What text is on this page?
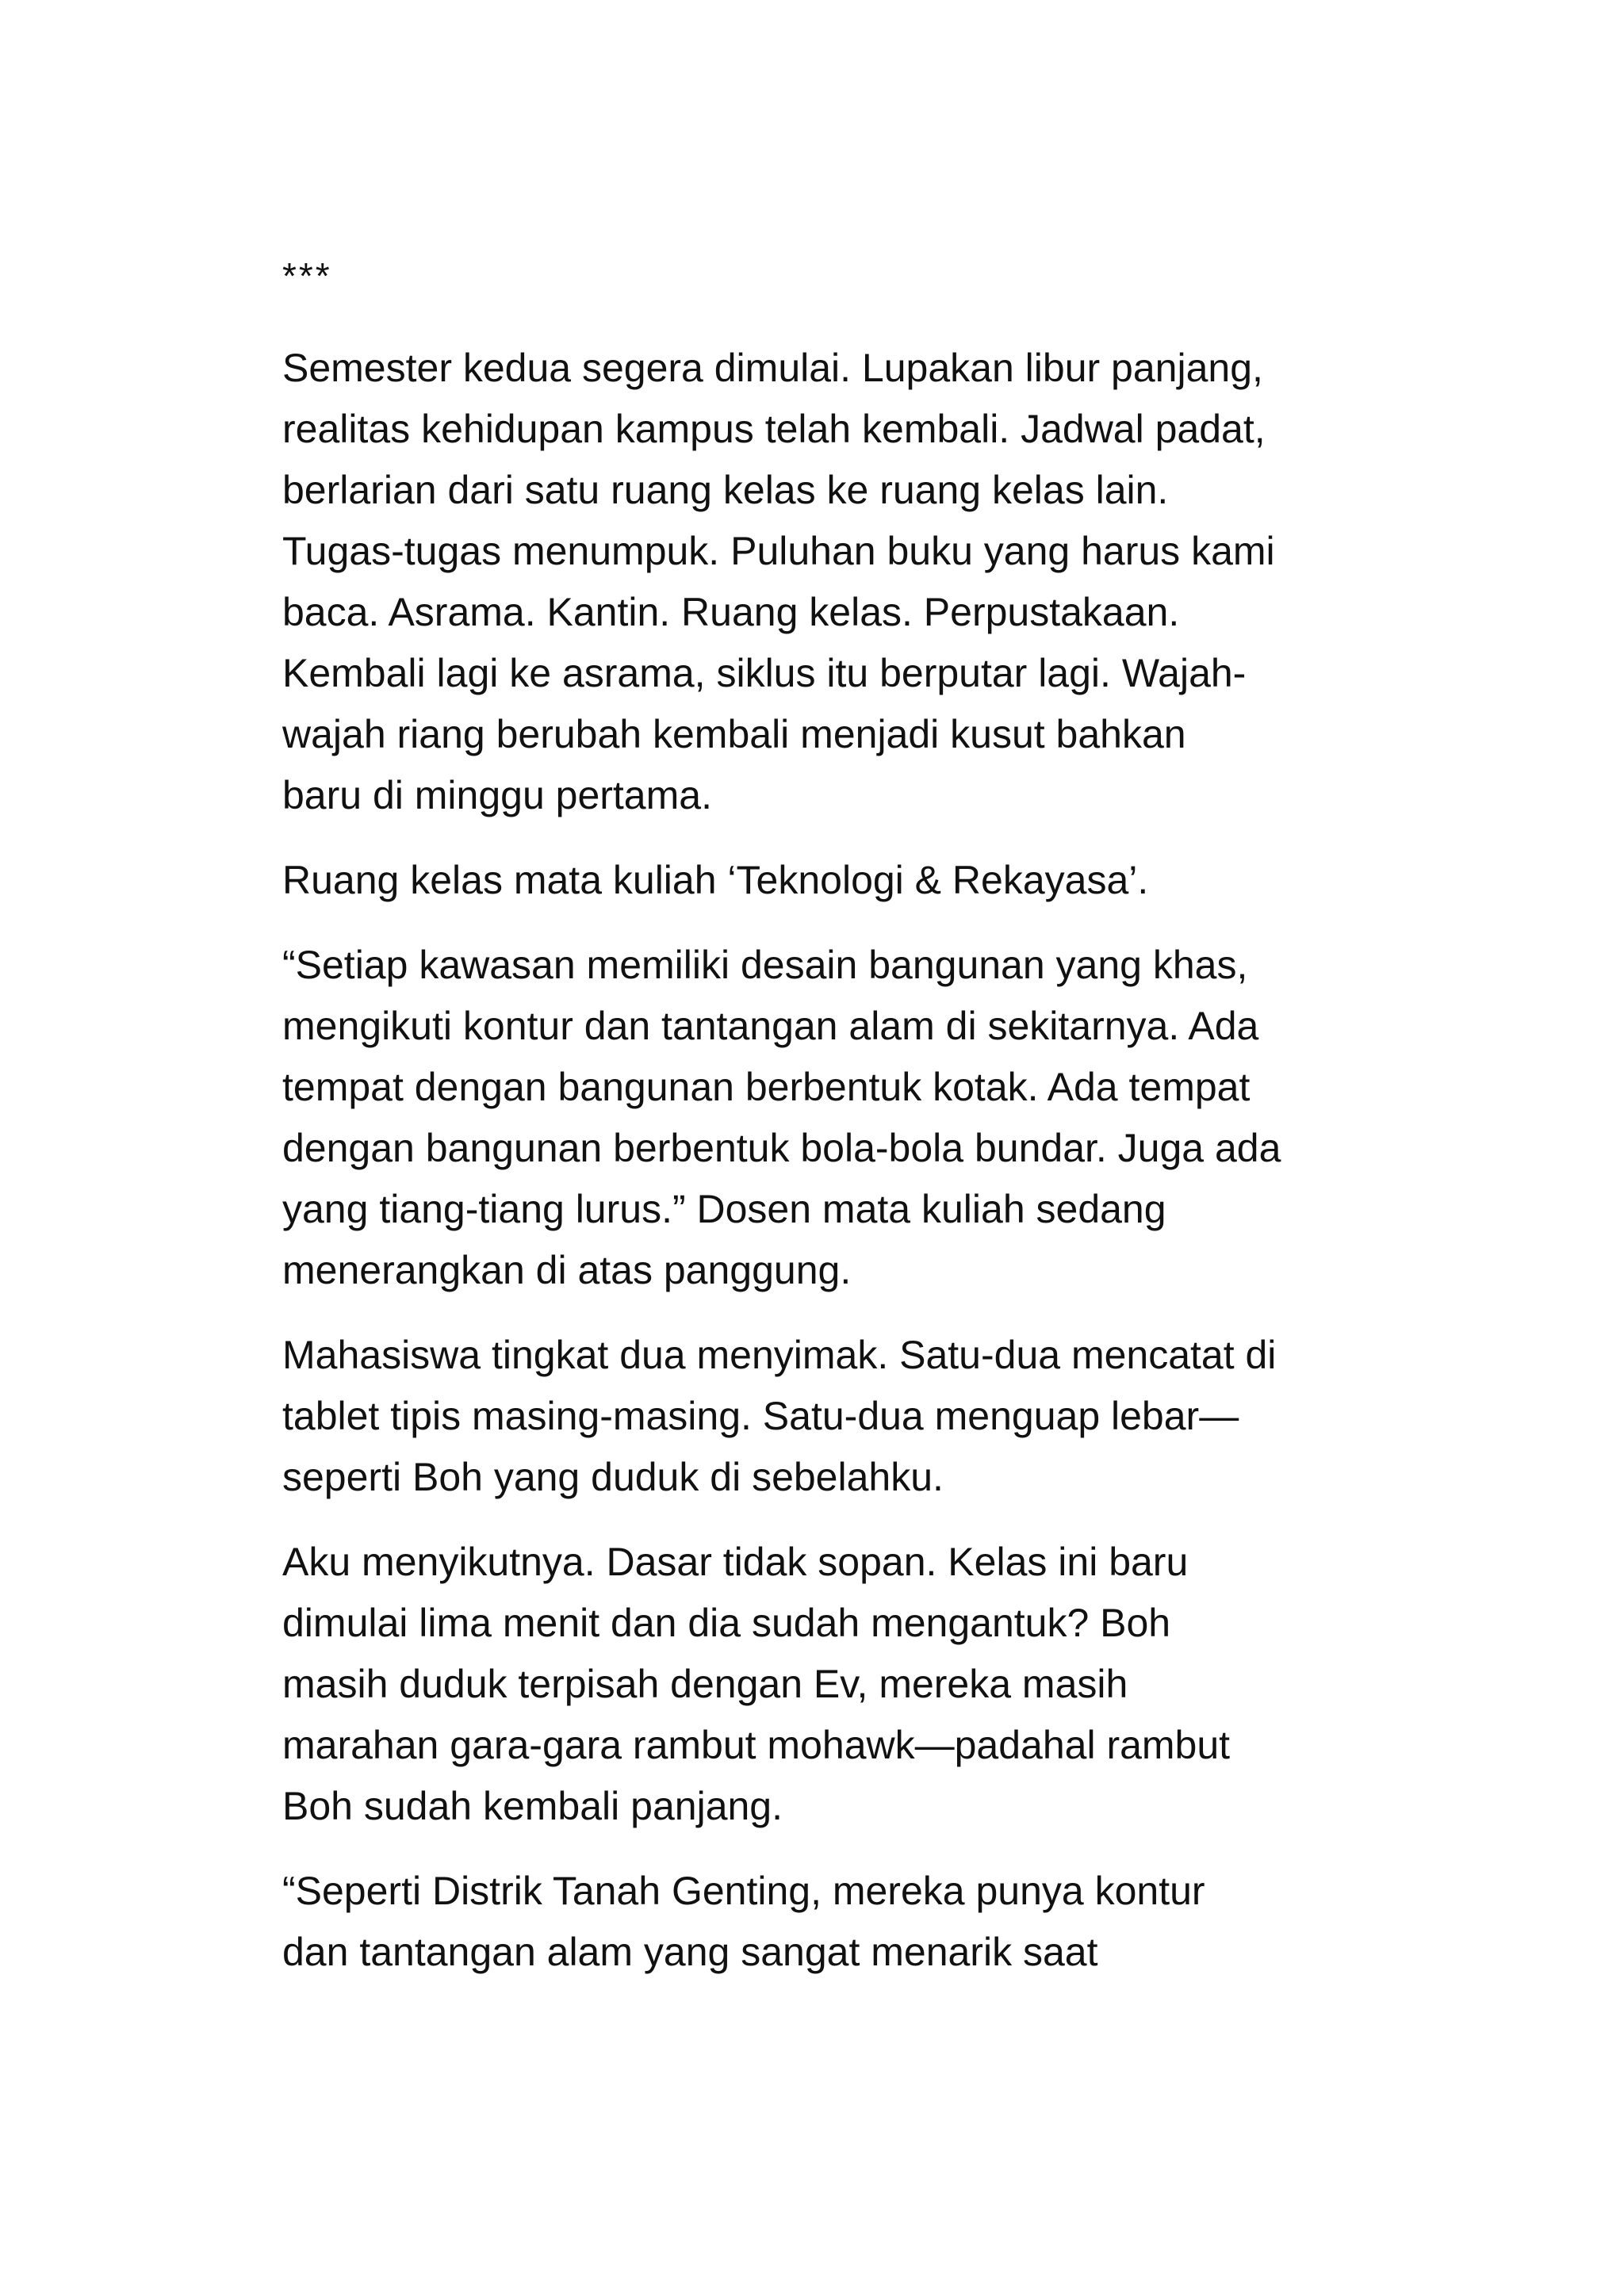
***
Semester kedua segera dimulai. Lupakan libur panjang,
realitas kehidupan kampus telah kembali. Jadwal padat,
berlarian dari satu ruang kelas ke ruang kelas lain.
Tugas-tugas menumpuk. Puluhan buku yang harus kami
baca. Asrama. Kantin. Ruang kelas. Perpustakaan.
Kembali lagi ke asrama, siklus itu berputar lagi. Wajah-
wajah riang berubah kembali menjadi kusut bahkan
baru di minggu pertama.
Ruang kelas mata kuliah ‘Teknologi & Rekayasa’.
“Setiap kawasan memiliki desain bangunan yang khas,
mengikuti kontur dan tantangan alam di sekitarnya. Ada
tempat dengan bangunan berbentuk kotak. Ada tempat
dengan bangunan berbentuk bola-bola bundar. Juga ada
yang tiang-tiang lurus.” Dosen mata kuliah sedang
menerangkan di atas panggung.
Mahasiswa tingkat dua menyimak. Satu-dua mencatat di
tablet tipis masing-masing. Satu-dua menguap lebar—
seperti Boh yang duduk di sebelahku.
Aku menyikutnya. Dasar tidak sopan. Kelas ini baru
dimulai lima menit dan dia sudah mengantuk? Boh
masih duduk terpisah dengan Ev, mereka masih
marahan gara-gara rambut mohawk—padahal rambut
Boh sudah kembali panjang.
“Seperti Distrik Tanah Genting, mereka punya kontur
dan tantangan alam yang sangat menarik saat
